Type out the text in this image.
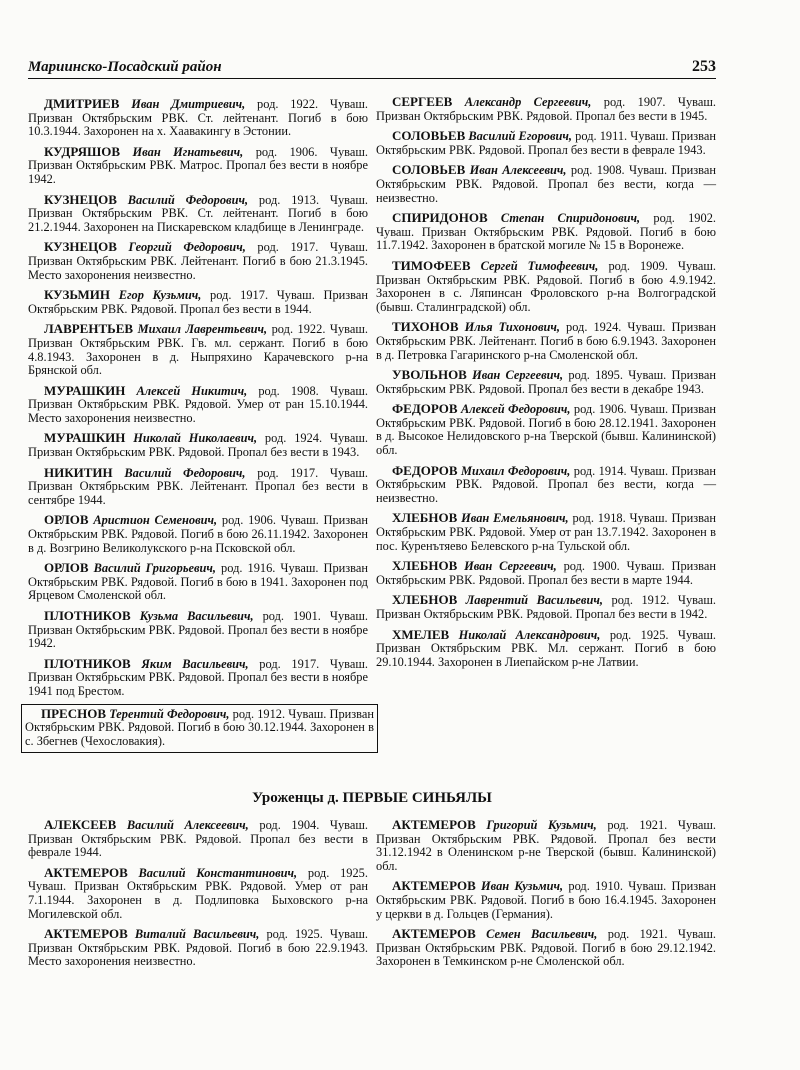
Мариинско-Посадский район	253
ДМИТРИЕВ Иван Дмитриевич, род. 1922. Чуваш. Призван Октябрьским РВК. Ст. лейтенант. Погиб в бою 10.3.1944. Захоронен на х. Хаавакингу в Эстонии.
КУДРЯШОВ Иван Игнатьевич, род. 1906. Чуваш. Призван Октябрьским РВК. Матрос. Пропал без вести в ноябре 1942.
КУЗНЕЦОВ Василий Федорович, род. 1913. Чуваш. Призван Октябрьским РВК. Ст. лейтенант. Погиб в бою 21.2.1944. Захоронен на Пискаревском кладбище в Ленинграде.
КУЗНЕЦОВ Георгий Федорович, род. 1917. Чуваш. Призван Октябрьским РВК. Лейтенант. Погиб в бою 21.3.1945. Место захоронения неизвестно.
КУЗЬМИН Егор Кузьмич, род. 1917. Чуваш. Призван Октябрьским РВК. Рядовой. Пропал без вести в 1944.
ЛАВРЕНТЬЕВ Михаил Лаврентьевич, род. 1922. Чуваш. Призван Октябрьским РВК. Гв. мл. сержант. Погиб в бою 4.8.1943. Захоронен в д. Ныпряхино Карачевского р-на Брянской обл.
МУРАШКИН Алексей Никитич, род. 1908. Чуваш. Призван Октябрьским РВК. Рядовой. Умер от ран 15.10.1944. Место захоронения неизвестно.
МУРАШКИН Николай Николаевич, род. 1924. Чуваш. Призван Октябрьским РВК. Рядовой. Пропал без вести в 1943.
НИКИТИН Василий Федорович, род. 1917. Чуваш. Призван Октябрьским РВК. Лейтенант. Пропал без вести в сентябре 1944.
ОРЛОВ Аристион Семенович, род. 1906. Чуваш. Призван Октябрьским РВК. Рядовой. Погиб в бою 26.11.1942. Захоронен в д. Возгрино Великолукского р-на Псковской обл.
ОРЛОВ Василий Григорьевич, род. 1916. Чуваш. Призван Октябрьским РВК. Рядовой. Погиб в бою в 1941. Захоронен под Ярцевом Смоленской обл.
ПЛОТНИКОВ Кузьма Васильевич, род. 1901. Чуваш. Призван Октябрьским РВК. Рядовой. Пропал без вести в ноябре 1942.
ПЛОТНИКОВ Яким Васильевич, род. 1917. Чуваш. Призван Октябрьским РВК. Рядовой. Пропал без вести в ноябре 1941 под Брестом.
ПРЕСНОВ Терентий Федорович, род. 1912. Чуваш. Призван Октябрьским РВК. Рядовой. Погиб в бою 30.12.1944. Захоронен в с. Збегнев (Чехословакия).
СЕРГЕЕВ Александр Сергеевич, род. 1907. Чуваш. Призван Октябрьским РВК. Рядовой. Пропал без вести в 1945.
СОЛОВЬЕВ Василий Егорович, род. 1911. Чуваш. Призван Октябрьским РВК. Рядовой. Пропал без вести в феврале 1943.
СОЛОВЬЕВ Иван Алексеевич, род. 1908. Чуваш. Призван Октябрьским РВК. Рядовой. Пропал без вести, когда — неизвестно.
СПИРИДОНОВ Степан Спиридонович, род. 1902. Чуваш. Призван Октябрьским РВК. Рядовой. Погиб в бою 11.7.1942. Захоронен в братской могиле № 15 в Воронеже.
ТИМОФЕЕВ Сергей Тимофеевич, род. 1909. Чуваш. Призван Октябрьским РВК. Рядовой. Погиб в бою 4.9.1942. Захоронен в с. Ляпинсан Фроловского р-на Волгоградской (бывш. Сталинградской) обл.
ТИХОНОВ Илья Тихонович, род. 1924. Чуваш. Призван Октябрьским РВК. Лейтенант. Погиб в бою 6.9.1943. Захоронен в д. Петровка Гагаринского р-на Смоленской обл.
УВОЛЬНОВ Иван Сергеевич, род. 1895. Чуваш. Призван Октябрьским РВК. Рядовой. Пропал без вести в декабре 1943.
ФЕДОРОВ Алексей Федорович, род. 1906. Чуваш. Призван Октябрьским РВК. Рядовой. Погиб в бою 28.12.1941. Захоронен в д. Высокое Нелидовского р-на Тверской (бывш. Калининской) обл.
ФЕДОРОВ Михаил Федорович, род. 1914. Чуваш. Призван Октябрьским РВК. Рядовой. Пропал без вести, когда — неизвестно.
ХЛЕБНОВ Иван Емельянович, род. 1918. Чуваш. Призван Октябрьским РВК. Рядовой. Умер от ран 13.7.1942. Захоронен в пос. Куренътяево Белевского р-на Тульской обл.
ХЛЕБНОВ Иван Сергеевич, род. 1900. Чуваш. Призван Октябрьским РВК. Рядовой. Пропал без вести в марте 1944.
ХЛЕБНОВ Лаврентий Васильевич, род. 1912. Чуваш. Призван Октябрьским РВК. Рядовой. Пропал без вести в 1942.
ХМЕЛЕВ Николай Александрович, род. 1925. Чуваш. Призван Октябрьским РВК. Мл. сержант. Погиб в бою 29.10.1944. Захоронен в Лиепайском р-не Латвии.
Уроженцы д. ПЕРВЫЕ СИНЬЯЛЫ
АЛЕКСЕЕВ Василий Алексеевич, род. 1904. Чуваш. Призван Октябрьским РВК. Рядовой. Пропал без вести в феврале 1944.
АКТЕМЕРОВ Василий Константинович, род. 1925. Чуваш. Призван Октябрьским РВК. Рядовой. Умер от ран 7.1.1944. Захоронен в д. Подлиповка Быховского р-на Могилевской обл.
АКТЕМЕРОВ Виталий Васильевич, род. 1925. Чуваш. Призван Октябрьским РВК. Рядовой. Погиб в бою 22.9.1943. Место захоронения неизвестно.
АКТЕМЕРОВ Григорий Кузьмич, род. 1921. Чуваш. Призван Октябрьским РВК. Рядовой. Пропал без вести 31.12.1942 в Оленинском р-не Тверской (бывш. Калининской) обл.
АКТЕМЕРОВ Иван Кузьмич, род. 1910. Чуваш. Призван Октябрьским РВК. Рядовой. Погиб в бою 16.4.1945. Захоронен у церкви в д. Гольцев (Германия).
АКТЕМЕРОВ Семен Васильевич, род. 1921. Чуваш. Призван Октябрьским РВК. Рядовой. Погиб в бою 29.12.1942. Захоронен в Темкинском р-не Смоленской обл.
